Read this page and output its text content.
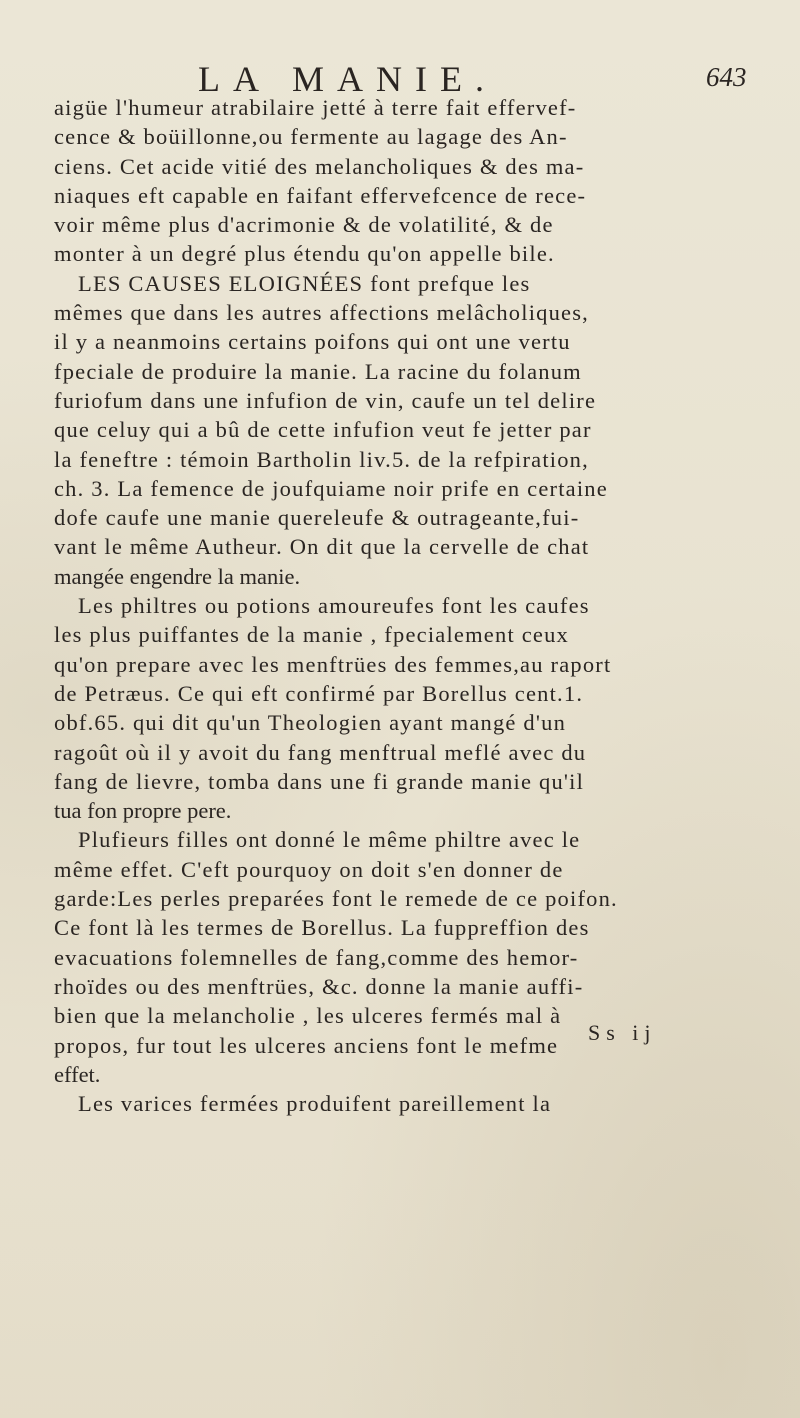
LA MANIE.	643
aigüe l'humeur atrabilaire jetté à terre fait effervef-
cence & boüillonne,ou fermente au lagage des An-
ciens. Cet acide vitié des melancholiques & des ma-
niaques eft capable en faifant effervefcence de rece-
voir même plus d'acrimonie & de volatilité, & de
monter à un degré plus étendu qu'on appelle bile.
LES CAUSES ELOIGNÉES font prefque les
mêmes que dans les autres affections melâcholiques,
il y a neanmoins certains poifons qui ont une vertu
fpeciale de produire la manie. La racine du folanum
furiofum dans une infufion de vin, caufe un tel delire
que celuy qui a bû de cette infufion veut fe jetter par
la feneftre : témoin Bartholin liv.5. de la refpiration,
ch. 3. La femence de joufquiame noir prife en certaine
dofe caufe une manie quereleufe & outrageante,fui-
vant le même Autheur. On dit que la cervelle de chat
mangée engendre la manie.
Les philtres ou potions amoureufes font les caufes
les plus puiffantes de la manie , fpecialement ceux
qu'on prepare avec les menftrües des femmes,au raport
de Petræus. Ce qui eft confirmé par Borellus cent.1.
obf.65. qui dit qu'un Theologien ayant mangé d'un
ragoût où il y avoit du fang menftrual meflé avec du
fang de lievre, tomba dans une fi grande manie qu'il
tua fon propre pere.
Plufieurs filles ont donné le même philtre avec le
même effet. C'eft pourquoy on doit s'en donner de
garde:Les perles preparées font le remede de ce poifon.
Ce font là les termes de Borellus. La fuppreffion des
evacuations folemnelles de fang,comme des hemor-
rhoïdes ou des menftrües, &c. donne la manie auffi-
bien que la melancholie , les ulceres fermés mal à
propos, fur tout les ulceres anciens font le mefme
effet.
Les varices fermées produifent pareillement la
Ss ij
